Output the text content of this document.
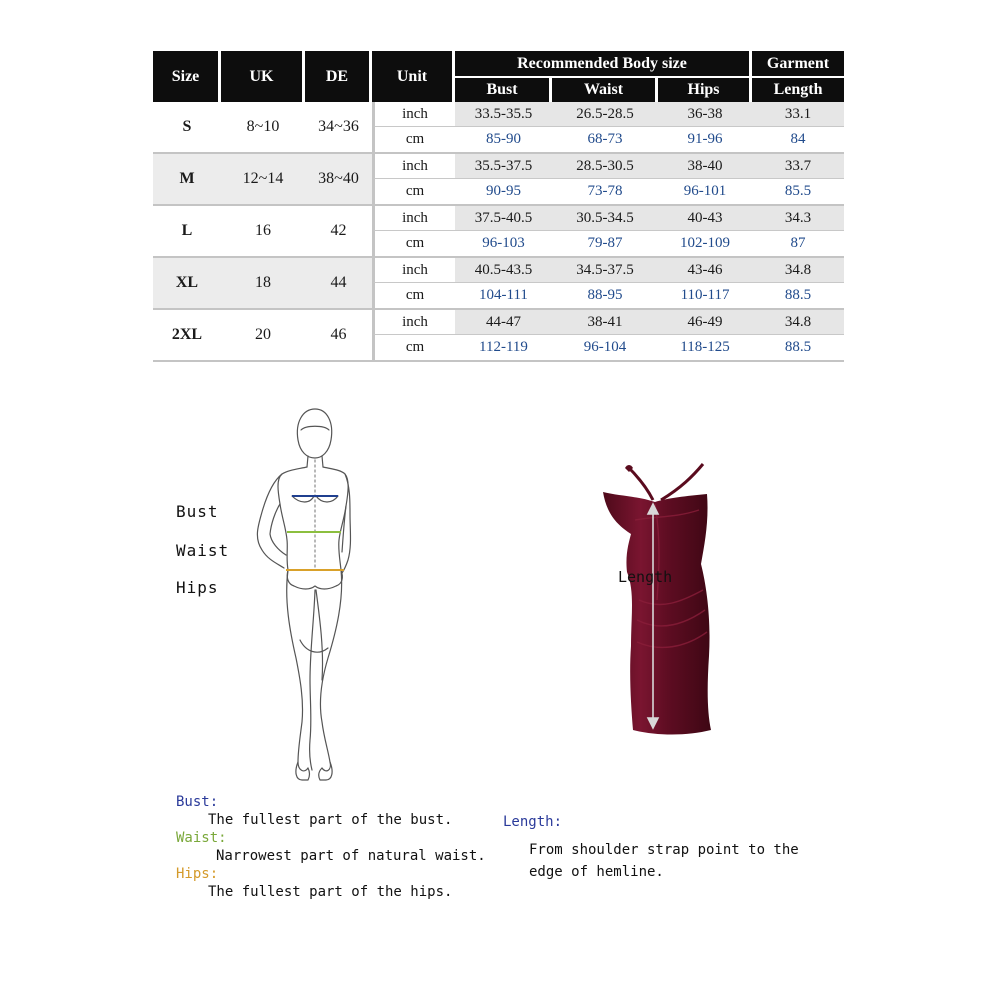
Size	UK	DE	Unit	Recommended Body size			Garment
				Bust	Waist	Hips	Length
S	8~10	34~36	inch	33.5-35.5	26.5-28.5	36-38	33.1
			cm	85-90	68-73	91-96	84
M	12~14	38~40	inch	35.5-37.5	28.5-30.5	38-40	33.7
			cm	90-95	73-78	96-101	85.5
L	16	42	inch	37.5-40.5	30.5-34.5	40-43	34.3
			cm	96-103	79-87	102-109	87
XL	18	44	inch	40.5-43.5	34.5-37.5	43-46	34.8
			cm	104-111	88-95	110-117	88.5
2XL	20	46	inch	44-47	38-41	46-49	34.8
			cm	112-119	96-104	118-125	88.5
Bust
Waist
Hips
Length
Bust:
The fullest part of the bust.
Waist:
Narrowest part of natural waist.
Hips:
The fullest part of the hips.
Length:
From shoulder strap point to the
edge of hemline.
